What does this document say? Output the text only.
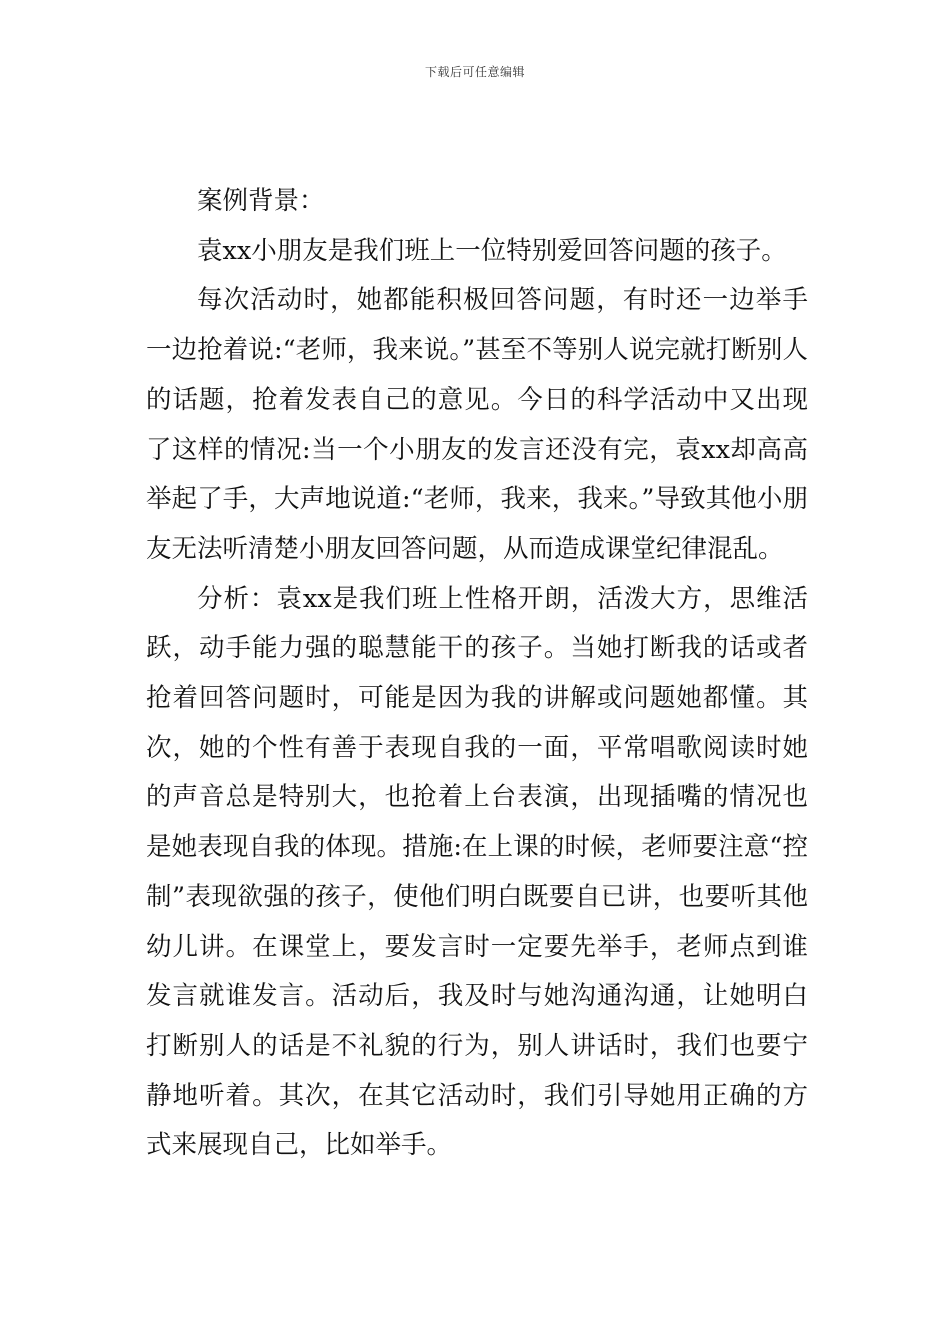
下载后可任意编辑

案例背景：

袁xx小朋友是我们班上一位特别爱回答问题的孩子。

每次活动时，她都能积极回答问题，有时还一边举手一边抢着说:“老师，我来说。”甚至不等别人说完就打断别人的话题，抢着发表自己的意见。今日的科学活动中又出现了这样的情况:当一个小朋友的发言还没有完，袁xx却高高举起了手，大声地说道:“老师，我来，我来。”导致其他小朋友无法听清楚小朋友回答问题，从而造成课堂纪律混乱。

分析：袁xx是我们班上性格开朗，活泼大方，思维活跃，动手能力强的聪慧能干的孩子。当她打断我的话或者抢着回答问题时，可能是因为我的讲解或问题她都懂。其次，她的个性有善于表现自我的一面，平常唱歌阅读时她的声音总是特别大，也抢着上台表演，出现插嘴的情况也是她表现自我的体现。措施:在上课的时候，老师要注意“控制”表现欲强的孩子，使他们明白既要自已讲，也要听其他幼儿讲。在课堂上，要发言时一定要先举手，老师点到谁发言就谁发言。活动后，我及时与她沟通沟通，让她明白打断别人的话是不礼貌的行为，别人讲话时，我们也要宁静地听着。其次，在其它活动时，我们引导她用正确的方式来展现自己，比如举手。
